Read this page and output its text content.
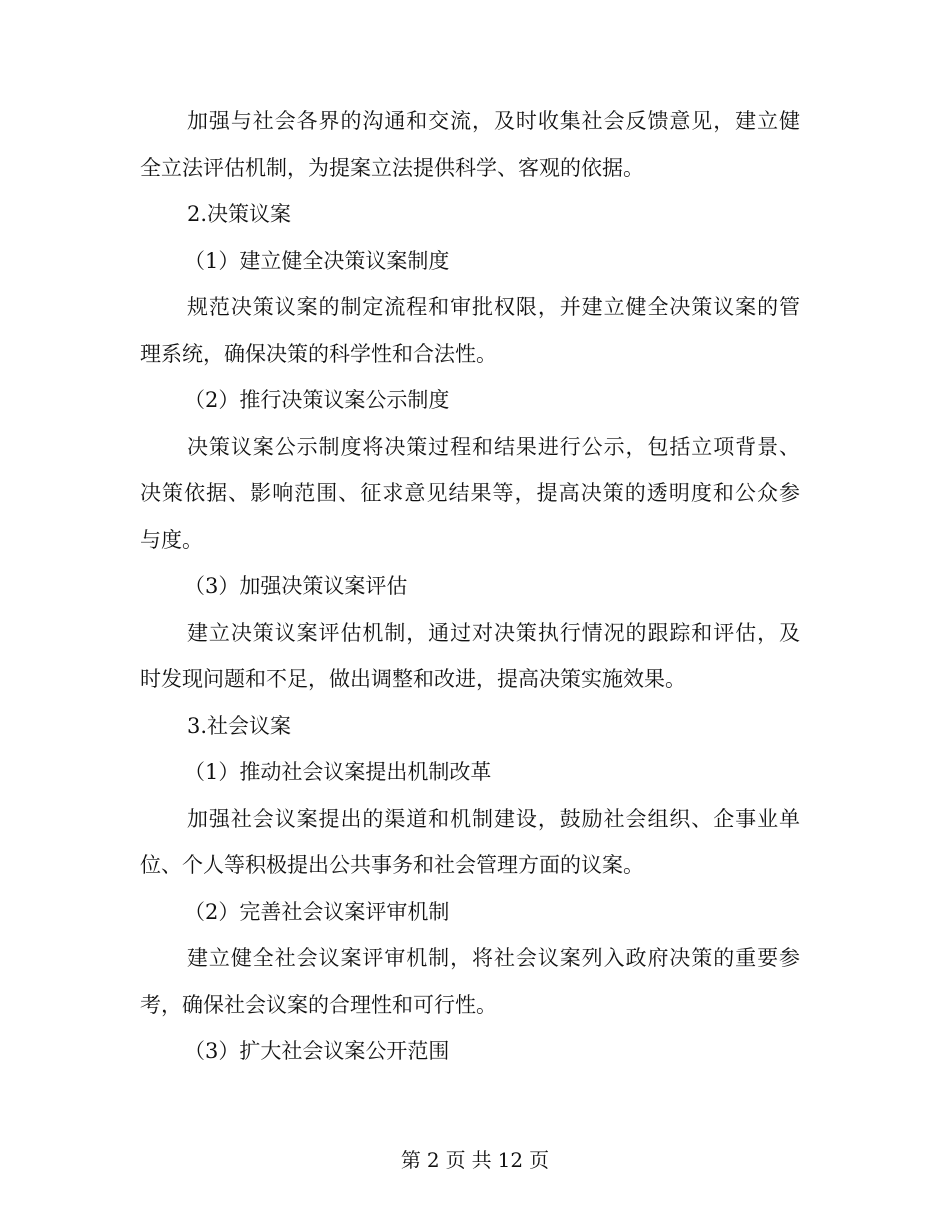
加强与社会各界的沟通和交流，及时收集社会反馈意见，建立健
全立法评估机制，为提案立法提供科学、客观的依据。
2.决策议案
（1）建立健全决策议案制度
规范决策议案的制定流程和审批权限，并建立健全决策议案的管
理系统，确保决策的科学性和合法性。
（2）推行决策议案公示制度
决策议案公示制度将决策过程和结果进行公示，包括立项背景、
决策依据、影响范围、征求意见结果等，提高决策的透明度和公众参
与度。
（3）加强决策议案评估
建立决策议案评估机制，通过对决策执行情况的跟踪和评估，及
时发现问题和不足，做出调整和改进，提高决策实施效果。
3.社会议案
（1）推动社会议案提出机制改革
加强社会议案提出的渠道和机制建设，鼓励社会组织、企事业单
位、个人等积极提出公共事务和社会管理方面的议案。
（2）完善社会议案评审机制
建立健全社会议案评审机制，将社会议案列入政府决策的重要参
考，确保社会议案的合理性和可行性。
（3）扩大社会议案公开范围
第 2 页 共 12 页
